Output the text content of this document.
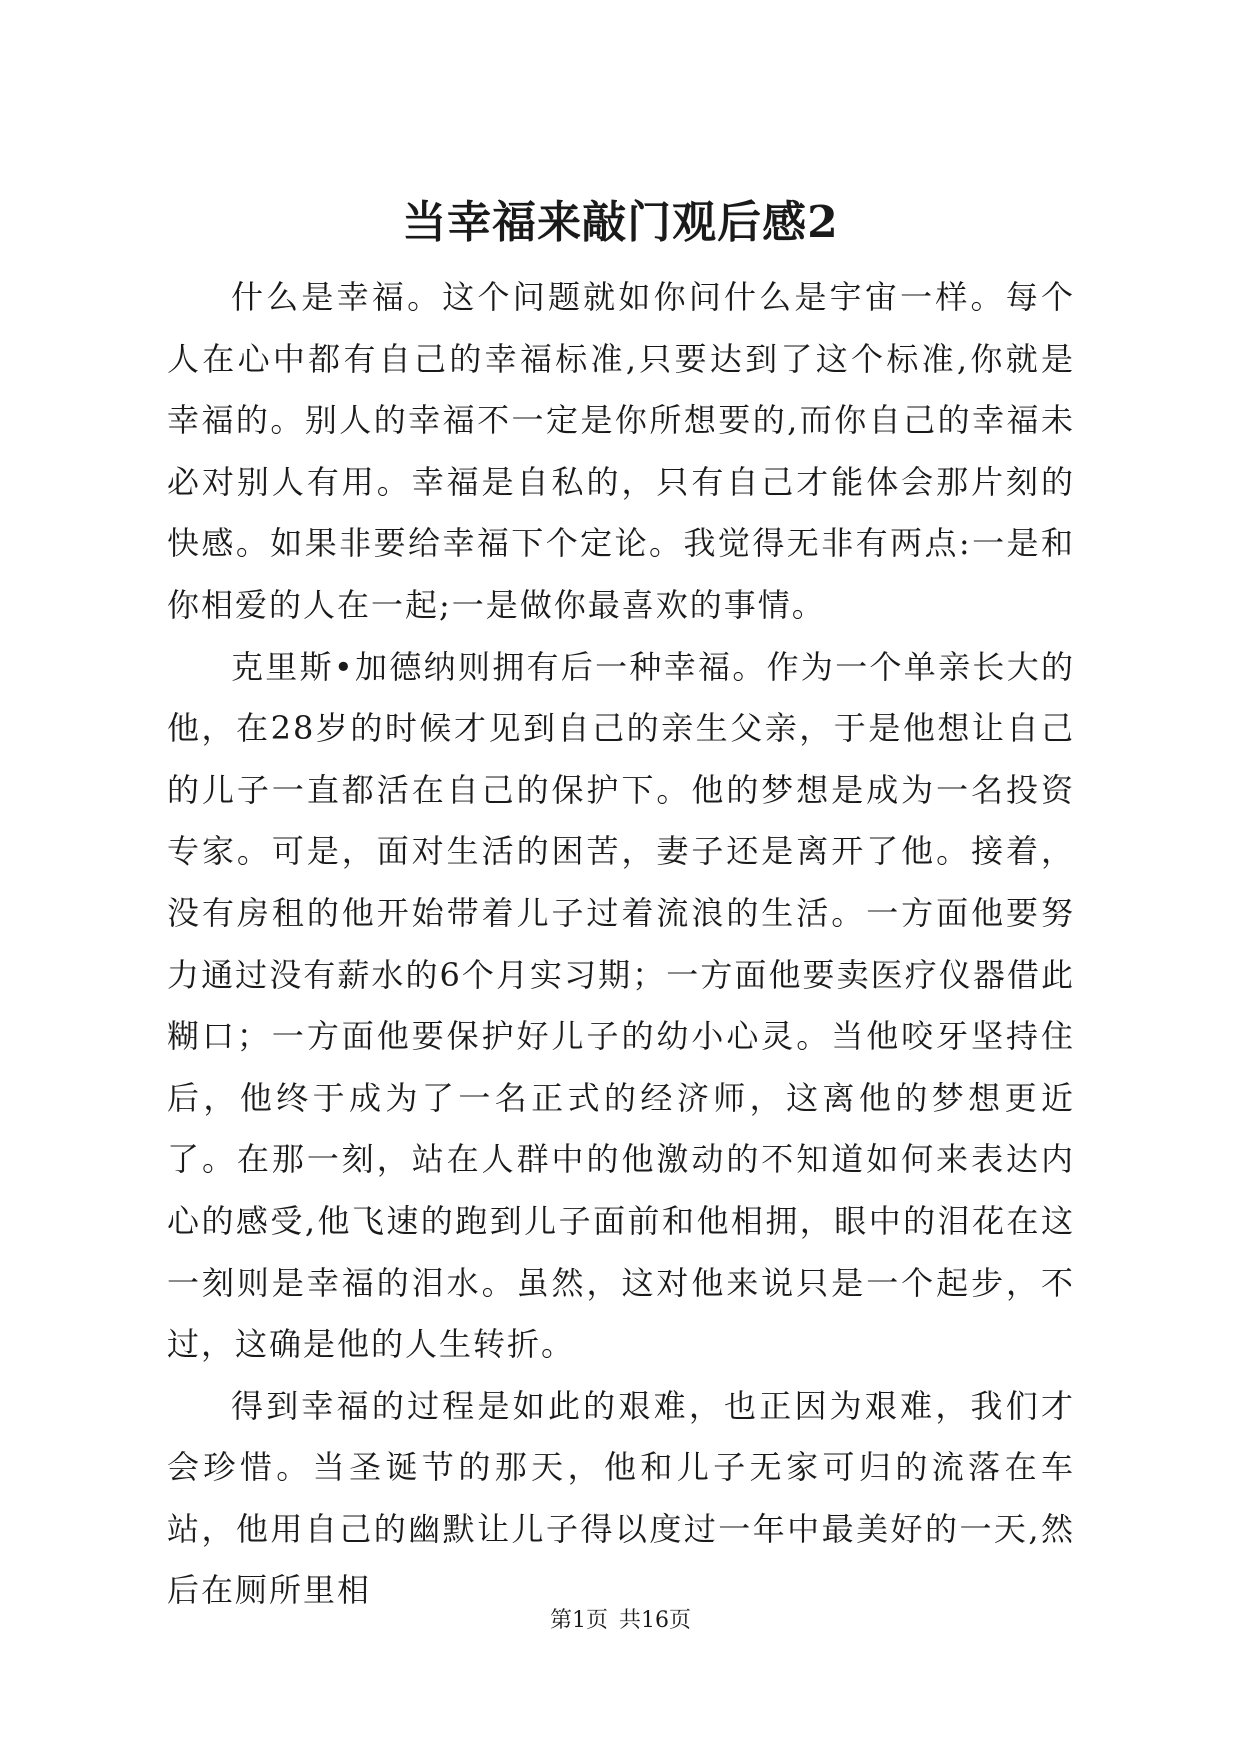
当幸福来敲门观后感2

什么是幸福。这个问题就如你问什么是宇宙一样。每个人在心中都有自己的幸福标准,只要达到了这个标准,你就是幸福的。别人的幸福不一定是你所想要的,而你自己的幸福未必对别人有用。幸福是自私的，只有自己才能体会那片刻的快感。如果非要给幸福下个定论。我觉得无非有两点:一是和你相爱的人在一起;一是做你最喜欢的事情。

克里斯•加德纳则拥有后一种幸福。作为一个单亲长大的他，在28岁的时候才见到自己的亲生父亲，于是他想让自己的儿子一直都活在自己的保护下。他的梦想是成为一名投资专家。可是，面对生活的困苦，妻子还是离开了他。接着，没有房租的他开始带着儿子过着流浪的生活。一方面他要努力通过没有薪水的6个月实习期；一方面他要卖医疗仪器借此糊口；一方面他要保护好儿子的幼小心灵。当他咬牙坚持住后，他终于成为了一名正式的经济师，这离他的梦想更近了。在那一刻，站在人群中的他激动的不知道如何来表达内心的感受,他飞速的跑到儿子面前和他相拥，眼中的泪花在这一刻则是幸福的泪水。虽然，这对他来说只是一个起步，不过，这确是他的人生转折。

得到幸福的过程是如此的艰难，也正因为艰难，我们才会珍惜。当圣诞节的那天，他和儿子无家可归的流落在车站，他用自己的幽默让儿子得以度过一年中最美好的一天,然后在厕所里相

第1页 共16页
